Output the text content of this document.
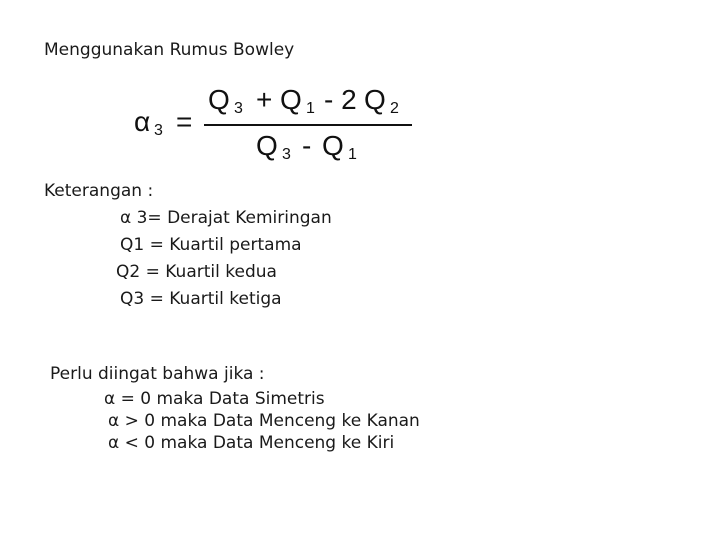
Menggunakan Rumus Bowley
α 3 =
Q 3 + Q 1 - 2 Q 2
Q 3 - Q 1
Keterangan :
α 3= Derajat Kemiringan
Q1 = Kuartil pertama
Q2 = Kuartil kedua
Q3 = Kuartil ketiga
Perlu diingat bahwa jika :
α = 0 maka Data Simetris
α > 0 maka Data Menceng ke Kanan
α < 0 maka Data Menceng ke Kiri
